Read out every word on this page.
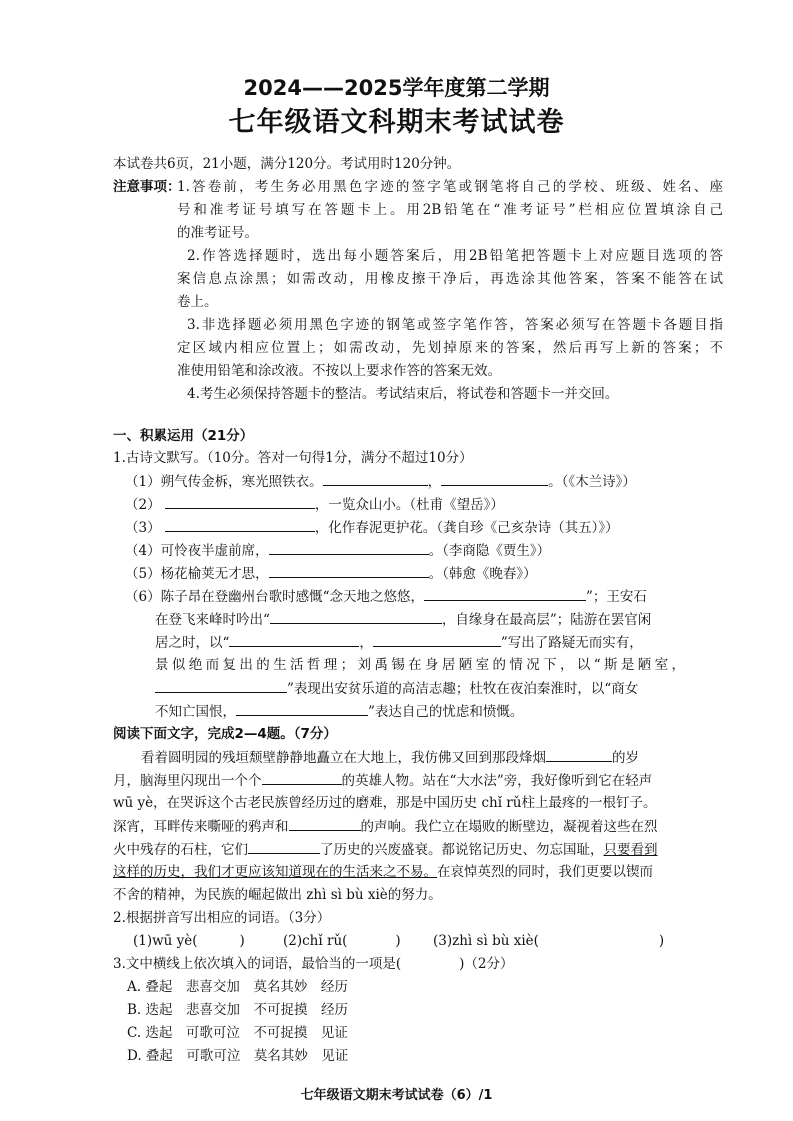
2024——2025学年度第二学期
七年级语文科期末考试试卷
本试卷共6页，21小题，满分120分。考试用时120分钟。
注意事项：
1.答卷前，考生务必用黑色字迹的签字笔或钢笔将自己的学校、班级、姓名、座
号和准考证号填写在答题卡上。用2B铅笔在“准考证号”栏相应位置填涂自己
的准考证号。
2.作答选择题时，选出每小题答案后，用2B铅笔把答题卡上对应题目选项的答
案信息点涂黑；如需改动，用橡皮擦干净后，再选涂其他答案，答案不能答在试
卷上。
3.非选择题必须用黑色字迹的钢笔或签字笔作答，答案必须写在答题卡各题目指
定区域内相应位置上；如需改动，先划掉原来的答案，然后再写上新的答案；不
准使用铅笔和涂改液。不按以上要求作答的答案无效。
4.考生必须保持答题卡的整洁。考试结束后，将试卷和答题卡一并交回。
一、积累运用（21分）
1.古诗文默写。（10分。答对一句得1分，满分不超过10分）
（1）朔气传金柝，寒光照铁衣。	，	。（《木兰诗》）
（2）	，一览众山小。（杜甫《望岳》）
（3）	，化作春泥更护花。（龚自珍《己亥杂诗（其五）》）
（4）可怜夜半虚前席，	。（李商隐《贾生》）
（5）杨花榆荚无才思，	。（韩愈《晚春》）
（6）陈子昂在登幽州台歌时感慨“念天地之悠悠，	”；王安石
在登飞来峰时吟出“	，自缘身在最高层”；陆游在罢官闲
居之时，以“	，	”写出了路疑无而实有，
景似绝而复出的生活哲理；刘禹锡在身居陋室的情况下，以“斯是陋室，
”表现出安贫乐道的高洁志趣；杜牧在夜泊秦淮时，以“商女
不知亡国恨，	”表达自己的忧虑和愤慨。
阅读下面文字，完成2—4题。（7分）
看着圆明园的残垣颓壁静静地矗立在大地上，我仿佛又回到那段烽烟	的岁
月，脑海里闪现出一个个	的英雄人物。站在“大水法”旁，我好像听到它在轻声
wū yè，在哭诉这个古老民族曾经历过的磨难，那是中国历史 chǐ rǔ柱上最疼的一根钉子。
深宵，耳畔传来嘶哑的鸦声和	的声响。我伫立在塌败的断壁边，凝视着这些在烈
火中残存的石柱，它们	了历史的兴废盛衰。都说铭记历史、勿忘国耻，只要看到
这样的历史，我们才更应该知道现在的生活来之不易。在哀悼英烈的同时，我们更要以锲而
不舍的精神，为民族的崛起做出 zhì sì bù xiè的努力。
2.根据拼音写出相应的词语。（3分）
(1)wū yè(	)	(2)chǐ rǔ(	) (3)zhì sì bù xiè(	)
3.文中横线上依次填入的词语，最恰当的一项是(	)（2分）
A. 叠起　悲喜交加　莫名其妙　经历
B. 迭起　悲喜交加　不可捉摸　经历
C. 迭起　可歌可泣　不可捉摸　见证
D. 叠起　可歌可泣　莫名其妙　见证
七年级语文期末考试试卷（6）/1
